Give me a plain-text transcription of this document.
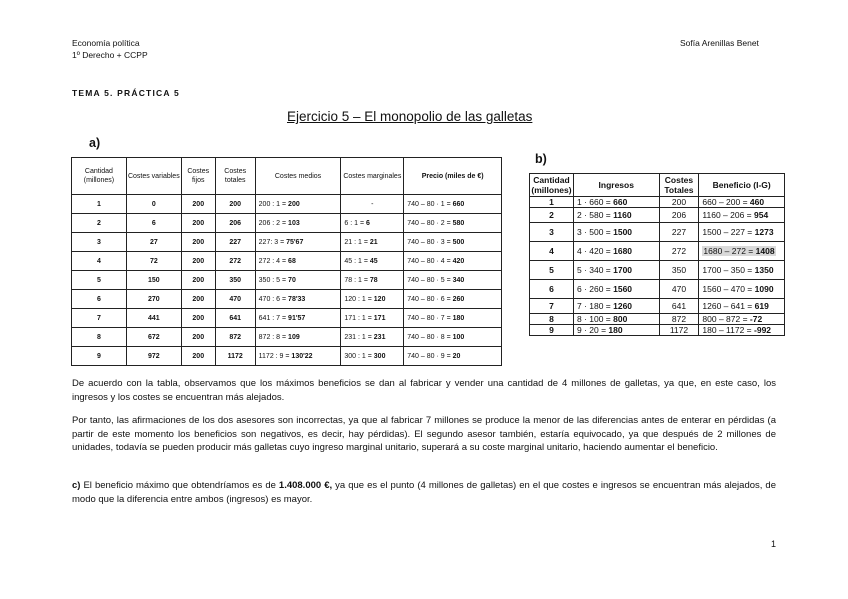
Economía política
1º Derecho + CCPP
Sofía Arenillas Benet
TEMA 5. PRÁCTICA 5
Ejercicio 5 – El monopolio de las galletas
a)
b)
Cantidad (millones)	Costes variables	Costes fijos	Costes totales	Costes medios	Costes marginales	Precio (miles de €)
1	0	200	200	200 : 1 = 200	-	740 – 80 · 1 = 660
2	6	200	206	206 : 2 = 103	6 : 1 = 6	740 – 80 · 2 = 580
3	27	200	227	227: 3 = 75'67	21 : 1 = 21	740 – 80 · 3 = 500
4	72	200	272	272 : 4 = 68	45 : 1 = 45	740 – 80 · 4 = 420
5	150	200	350	350 : 5 = 70	78 : 1 = 78	740 – 80 · 5 = 340
6	270	200	470	470 : 6 = 78'33	120 : 1 = 120	740 – 80 · 6 = 260
7	441	200	641	641 : 7 = 91'57	171 : 1 = 171	740 – 80 · 7 = 180
8	672	200	872	872 : 8 = 109	231 : 1 = 231	740 – 80 · 8 = 100
9	972	200	1172	1172 : 9 = 130'22	300 : 1 = 300	740 – 80 · 9 = 20
Cantidad (millones)	Ingresos	Costes Totales	Beneficio (I-G)
1	1 · 660 = 660	200	660 – 200 = 460
2	2 · 580 = 1160	206	1160 – 206 = 954
3	3 · 500 = 1500	227	1500 – 227 = 1273
4	4 · 420 = 1680	272	1680 – 272 = 1408
5	5 · 340 = 1700	350	1700 – 350 = 1350
6	6 · 260 = 1560	470	1560 – 470 = 1090
7	7 · 180 = 1260	641	1260 – 641 = 619
8	8 · 100 = 800	872	800 – 872 = -72
9	9 · 20 = 180	1172	180 – 1172 = -992
De acuerdo con la tabla, observamos que los máximos beneficios se dan al fabricar y vender una cantidad de 4 millones de galletas, ya que, en este caso, los ingresos y los costes se encuentran más alejados.
Por tanto, las afirmaciones de los dos asesores son incorrectas, ya que al fabricar 7 millones se produce la menor de las diferencias antes de enterar en pérdidas (a partir de este momento los beneficios son negativos, es decir, hay pérdidas). El segundo asesor también, estaría equivocado, ya que después de 2 millones de unidades, todavía se pueden producir más galletas cuyo ingreso marginal unitario, superará a su coste marginal unitario, haciendo aumentar el beneficio.
c) El beneficio máximo que obtendríamos es de 1.408.000 €, ya que es el punto (4 millones de galletas) en el que costes e ingresos se encuentran más alejados, de modo que la diferencia entre ambos (ingresos) es mayor.
1
